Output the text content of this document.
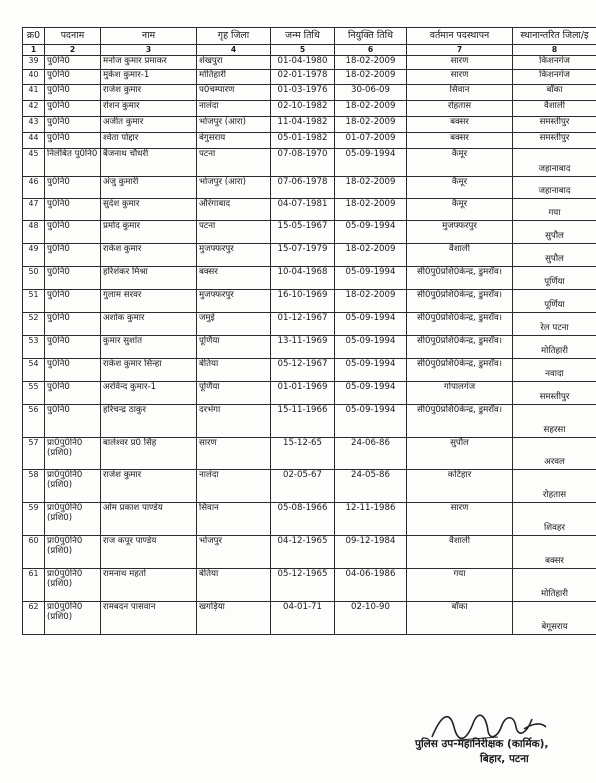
क्र0	पदनाम	नाम	गृह जिला	जन्म तिथि	नियुक्ति तिथि	वर्तमान पदस्थापन	स्थानान्तरित जिला/इ
1	2	3	4	5	6	7	8
39	पु0नि0	मनोज कुमार प्रमाकर	शेखपुरा	01-04-1980	18-02-2009	सारण	किशनगंज

40	पु0नि0	मुकेश कुमार-1	मोतिहारी	02-01-1978	18-02-2009	सारण	किशनगंज

41	पु0नि0	राजेश कुमार	प0चम्पारण	01-03-1976	30-06-09	सिवान	बाँका

42	पु0नि0	रोशन कुमार	नालंदा	02-10-1982	18-02-2009	रोहतास	वैशाली

43	पु0नि0	अजीत कुमार	भोजपुर (आरा)	11-04-1982	18-02-2009	बक्सर	समस्तीपुर

44	पु0नि0	श्वेता पोद्दार	बेगुसराय	05-01-1982	01-07-2009	बक्सर	समस्तीपुर

45	निलंबित पु0नि0	बैजनाथ चौधरी	पटना	07-08-1970	05-09-1994	कैमूर	जहानाबाद

46	पु0नि0	अंजु कुमारी	भोजपुर (आरा)	07-06-1978	18-02-2009	कैमूर	जहानाबाद

47	पु0नि0	सुदेश कुमार	औरंगाबाद	04-07-1981	18-02-2009	कैमूर	गया

48	पु0नि0	प्रमोद कुमार	पटना	15-05-1967	05-09-1994	मुजफ्फरपुर	सुपौल

49	पु0नि0	राकेश कुमार	मुजफ्फरपुर	15-07-1979	18-02-2009	वैशाली	सुपौल

50	पु0नि0	हरिशंकर मिश्रा	बक्सर	10-04-1968	05-09-1994	सी0पु0प्रशि0केन्द्र, डुमराँव।	पूर्णिया

51	पु0नि0	गुलाम सरवर	मुजफ्फरपुर	16-10-1969	18-02-2009	सी0पु0प्रशि0केन्द्र, डुमराँव।	पूर्णिया

52	पु0नि0	अशोक कुमार	जमुई	01-12-1967	05-09-1994	सी0पु0प्रशि0केन्द्र, डुमराँव।	रेल पटना

53	पु0नि0	कुमार सुशांत	पूर्णिया	13-11-1969	05-09-1994	सी0पु0प्रशि0केन्द्र, डुमराँव।	मोतिहारी

54	पु0नि0	राकेश कुमार सिन्हा	बेतिया	05-12-1967	05-09-1994	सी0पु0प्रशि0केन्द्र, डुमराँव।	नवादा

55	पु0नि0	अरविन्द कुमार-1	पूर्णिया	01-01-1969	05-09-1994	गोपालगंज	समस्तीपुर

56	पु0नि0	हरिचन्द्र ठाकुर	दरभंगा	15-11-1966	05-09-1994	सी0पु0प्रशि0केन्द्र, डुमराँव।	सहरसा

57	प्रा0पु0नि0 (प्रशि0)	बालेश्वर प्र0 सिंह	सारण	15-12-65	24-06-86	सुपौल	अरवल

58	प्रा0पु0नि0 (प्रशि0)	राजेश कुमार	नालंदा	02-05-67	24-05-86	कटिहार	रोहतास

59	प्रा0पु0नि0 (प्रशि0)	ओम प्रकाश पाण्डेय	सिवान	05-08-1966	12-11-1986	सारण	शिवहर

60	प्रा0पु0नि0 (प्रशि0)	राज कपूर पाण्डेय	भोजपुर	04-12-1965	09-12-1984	वैशाली	बक्सर

61	प्रा0पु0नि0 (प्रशि0)	रामनाथ महतो	बेतिया	05-12-1965	04-06-1986	गया	मोतिहारी

62	प्रा0पु0नि0 (प्रशि0)	रामबदन पासवान	खगड़िया	04-01-71	02-10-90	बाँका	बेगूसराय
पुलिस उप-महानिरीक्षक (कार्मिक),
बिहार, पटना
